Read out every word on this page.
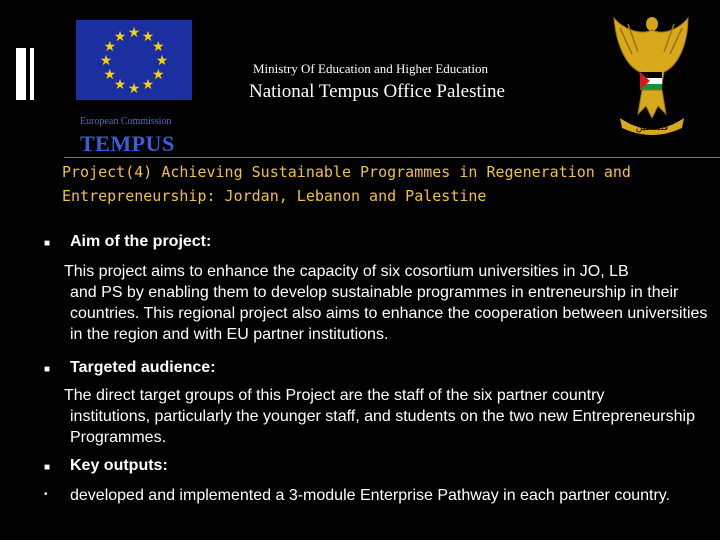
★ ★
★
★
★
★
★
★
★
★
★
★
European Commission
TEMPUS
Ministry Of Education and Higher Education
National Tempus Office Palestine
فلسطين
Project(4) Achieving Sustainable Programmes in Regeneration and Entrepreneurship: Jordan, Lebanon and Palestine
■ Aim of the project:
This project aims to enhance the capacity of six cosortium universities in JO, LB
and PS by enabling them to develop sustainable programmes in entreneurship in their countries. This regional project also aims to enhance the cooperation between universities in the region and with EU partner institutions.
■ Targeted audience:
The direct target groups of this Project are the staff of the six partner country
institutions, particularly the younger staff, and students on the two new Entrepreneurship Programmes.
■ Key outputs:
• developed and implemented a 3-module Enterprise Pathway in each partner country.
